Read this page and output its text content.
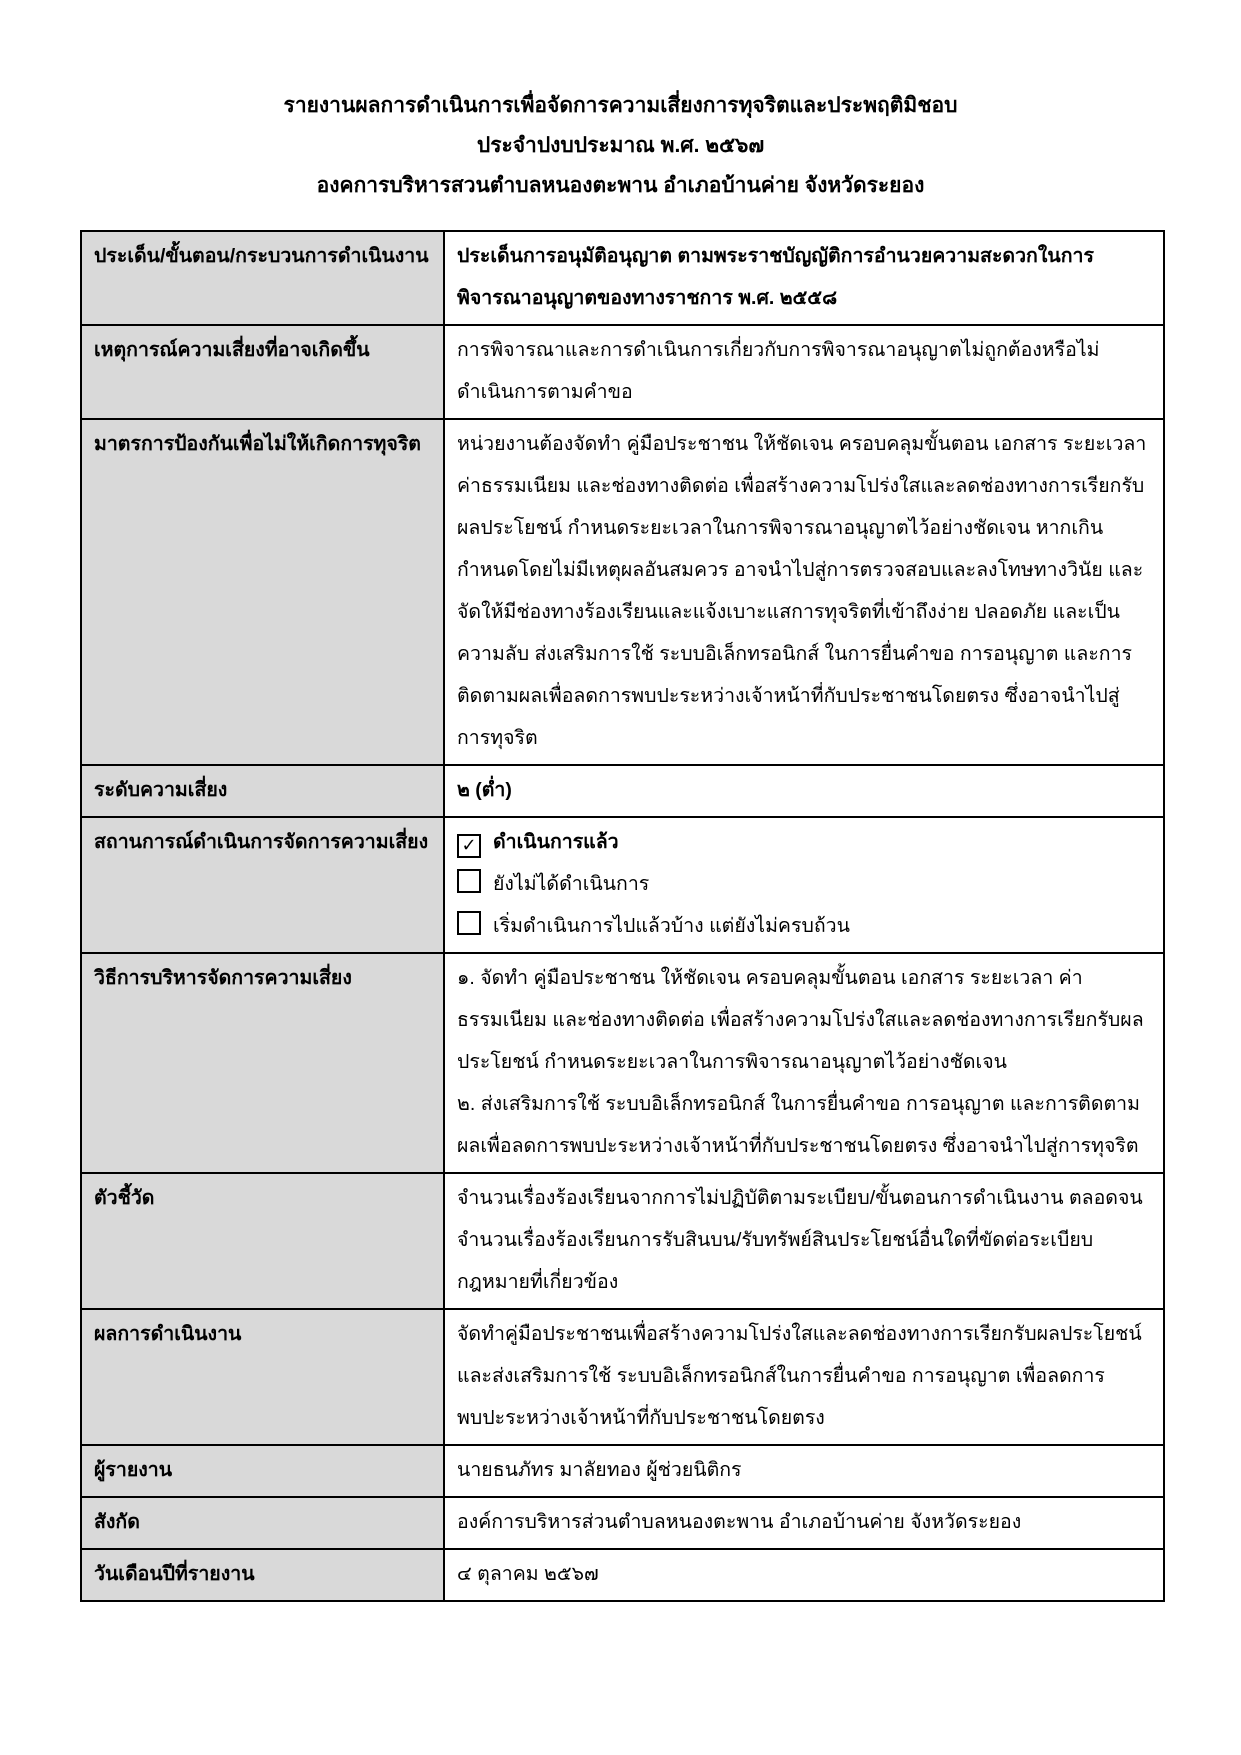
รายงานผลการดำเนินการเพื่อจัดการความเสี่ยงการทุจริตและประพฤติมิชอบ
ประจำปงบประมาณ พ.ศ. ๒๕๖๗
องคการบริหารสวนตำบลหนองตะพาน อำเภอบ้านค่าย จังหวัดระยอง
ประเด็น/ขั้นตอน/กระบวนการดำเนินงาน	ประเด็นการอนุมัติอนุญาต ตามพระราชบัญญัติการอำนวยความสะดวกในการพิจารณาอนุญาตของทางราชการ พ.ศ. ๒๕๕๘
เหตุการณ์ความเสี่ยงที่อาจเกิดขึ้น	การพิจารณาและการดำเนินการเกี่ยวกับการพิจารณาอนุญาตไม่ถูกต้องหรือไม่ดำเนินการตามคำขอ
มาตรการป้องกันเพื่อไม่ให้เกิดการทุจริต	หน่วยงานต้องจัดทำ คู่มือประชาชน ให้ชัดเจน ครอบคลุมขั้นตอน เอกสาร ระยะเวลา ค่าธรรมเนียม และช่องทางติดต่อ เพื่อสร้างความโปร่งใสและลดช่องทางการเรียกรับผลประโยชน์ กำหนดระยะเวลาในการพิจารณาอนุญาตไว้อย่างชัดเจน หากเกินกำหนดโดยไม่มีเหตุผลอันสมควร อาจนำไปสู่การตรวจสอบและลงโทษทางวินัย และจัดให้มีช่องทางร้องเรียนและแจ้งเบาะแสการทุจริตที่เข้าถึงง่าย ปลอดภัย และเป็นความลับ ส่งเสริมการใช้ ระบบอิเล็กทรอนิกส์ ในการยื่นคำขอ การอนุญาต และการติดตามผลเพื่อลดการพบปะระหว่างเจ้าหน้าที่กับประชาชนโดยตรง ซึ่งอาจนำไปสู่การทุจริต
ระดับความเสี่ยง	๒ (ต่ำ)
สถานการณ์ดำเนินการจัดการความเสี่ยง	✓ ดำเนินการแล้ว
ยังไม่ได้ดำเนินการ
เริ่มดำเนินการไปแล้วบ้าง แต่ยังไม่ครบถ้วน

วิธีการบริหารจัดการความเสี่ยง	๑. จัดทำ คู่มือประชาชน ให้ชัดเจน ครอบคลุมขั้นตอน เอกสาร ระยะเวลา ค่าธรรมเนียม และช่องทางติดต่อ เพื่อสร้างความโปร่งใสและลดช่องทางการเรียกรับผลประโยชน์ กำหนดระยะเวลาในการพิจารณาอนุญาตไว้อย่างชัดเจน
๒. ส่งเสริมการใช้ ระบบอิเล็กทรอนิกส์ ในการยื่นคำขอ การอนุญาต และการติดตามผลเพื่อลดการพบปะระหว่างเจ้าหน้าที่กับประชาชนโดยตรง ซึ่งอาจนำไปสู่การทุจริต

ตัวชี้วัด	จำนวนเรื่องร้องเรียนจากการไม่ปฏิบัติตามระเบียบ/ขั้นตอนการดำเนินงาน ตลอดจนจำนวนเรื่องร้องเรียนการรับสินบน/รับทรัพย์สินประโยชน์อื่นใดที่ขัดต่อระเบียบ กฎหมายที่เกี่ยวข้อง
ผลการดำเนินงาน	จัดทำคู่มือประชาชนเพื่อสร้างความโปร่งใสและลดช่องทางการเรียกรับผลประโยชน์ และส่งเสริมการใช้ ระบบอิเล็กทรอนิกส์ในการยื่นคำขอ การอนุญาต เพื่อลดการพบปะระหว่างเจ้าหน้าที่กับประชาชนโดยตรง
ผู้รายงาน	นายธนภัทร มาลัยทอง ผู้ช่วยนิติกร
สังกัด	องค์การบริหารส่วนตำบลหนองตะพาน อำเภอบ้านค่าย จังหวัดระยอง
วันเดือนปีที่รายงาน	๔ ตุลาคม ๒๕๖๗
